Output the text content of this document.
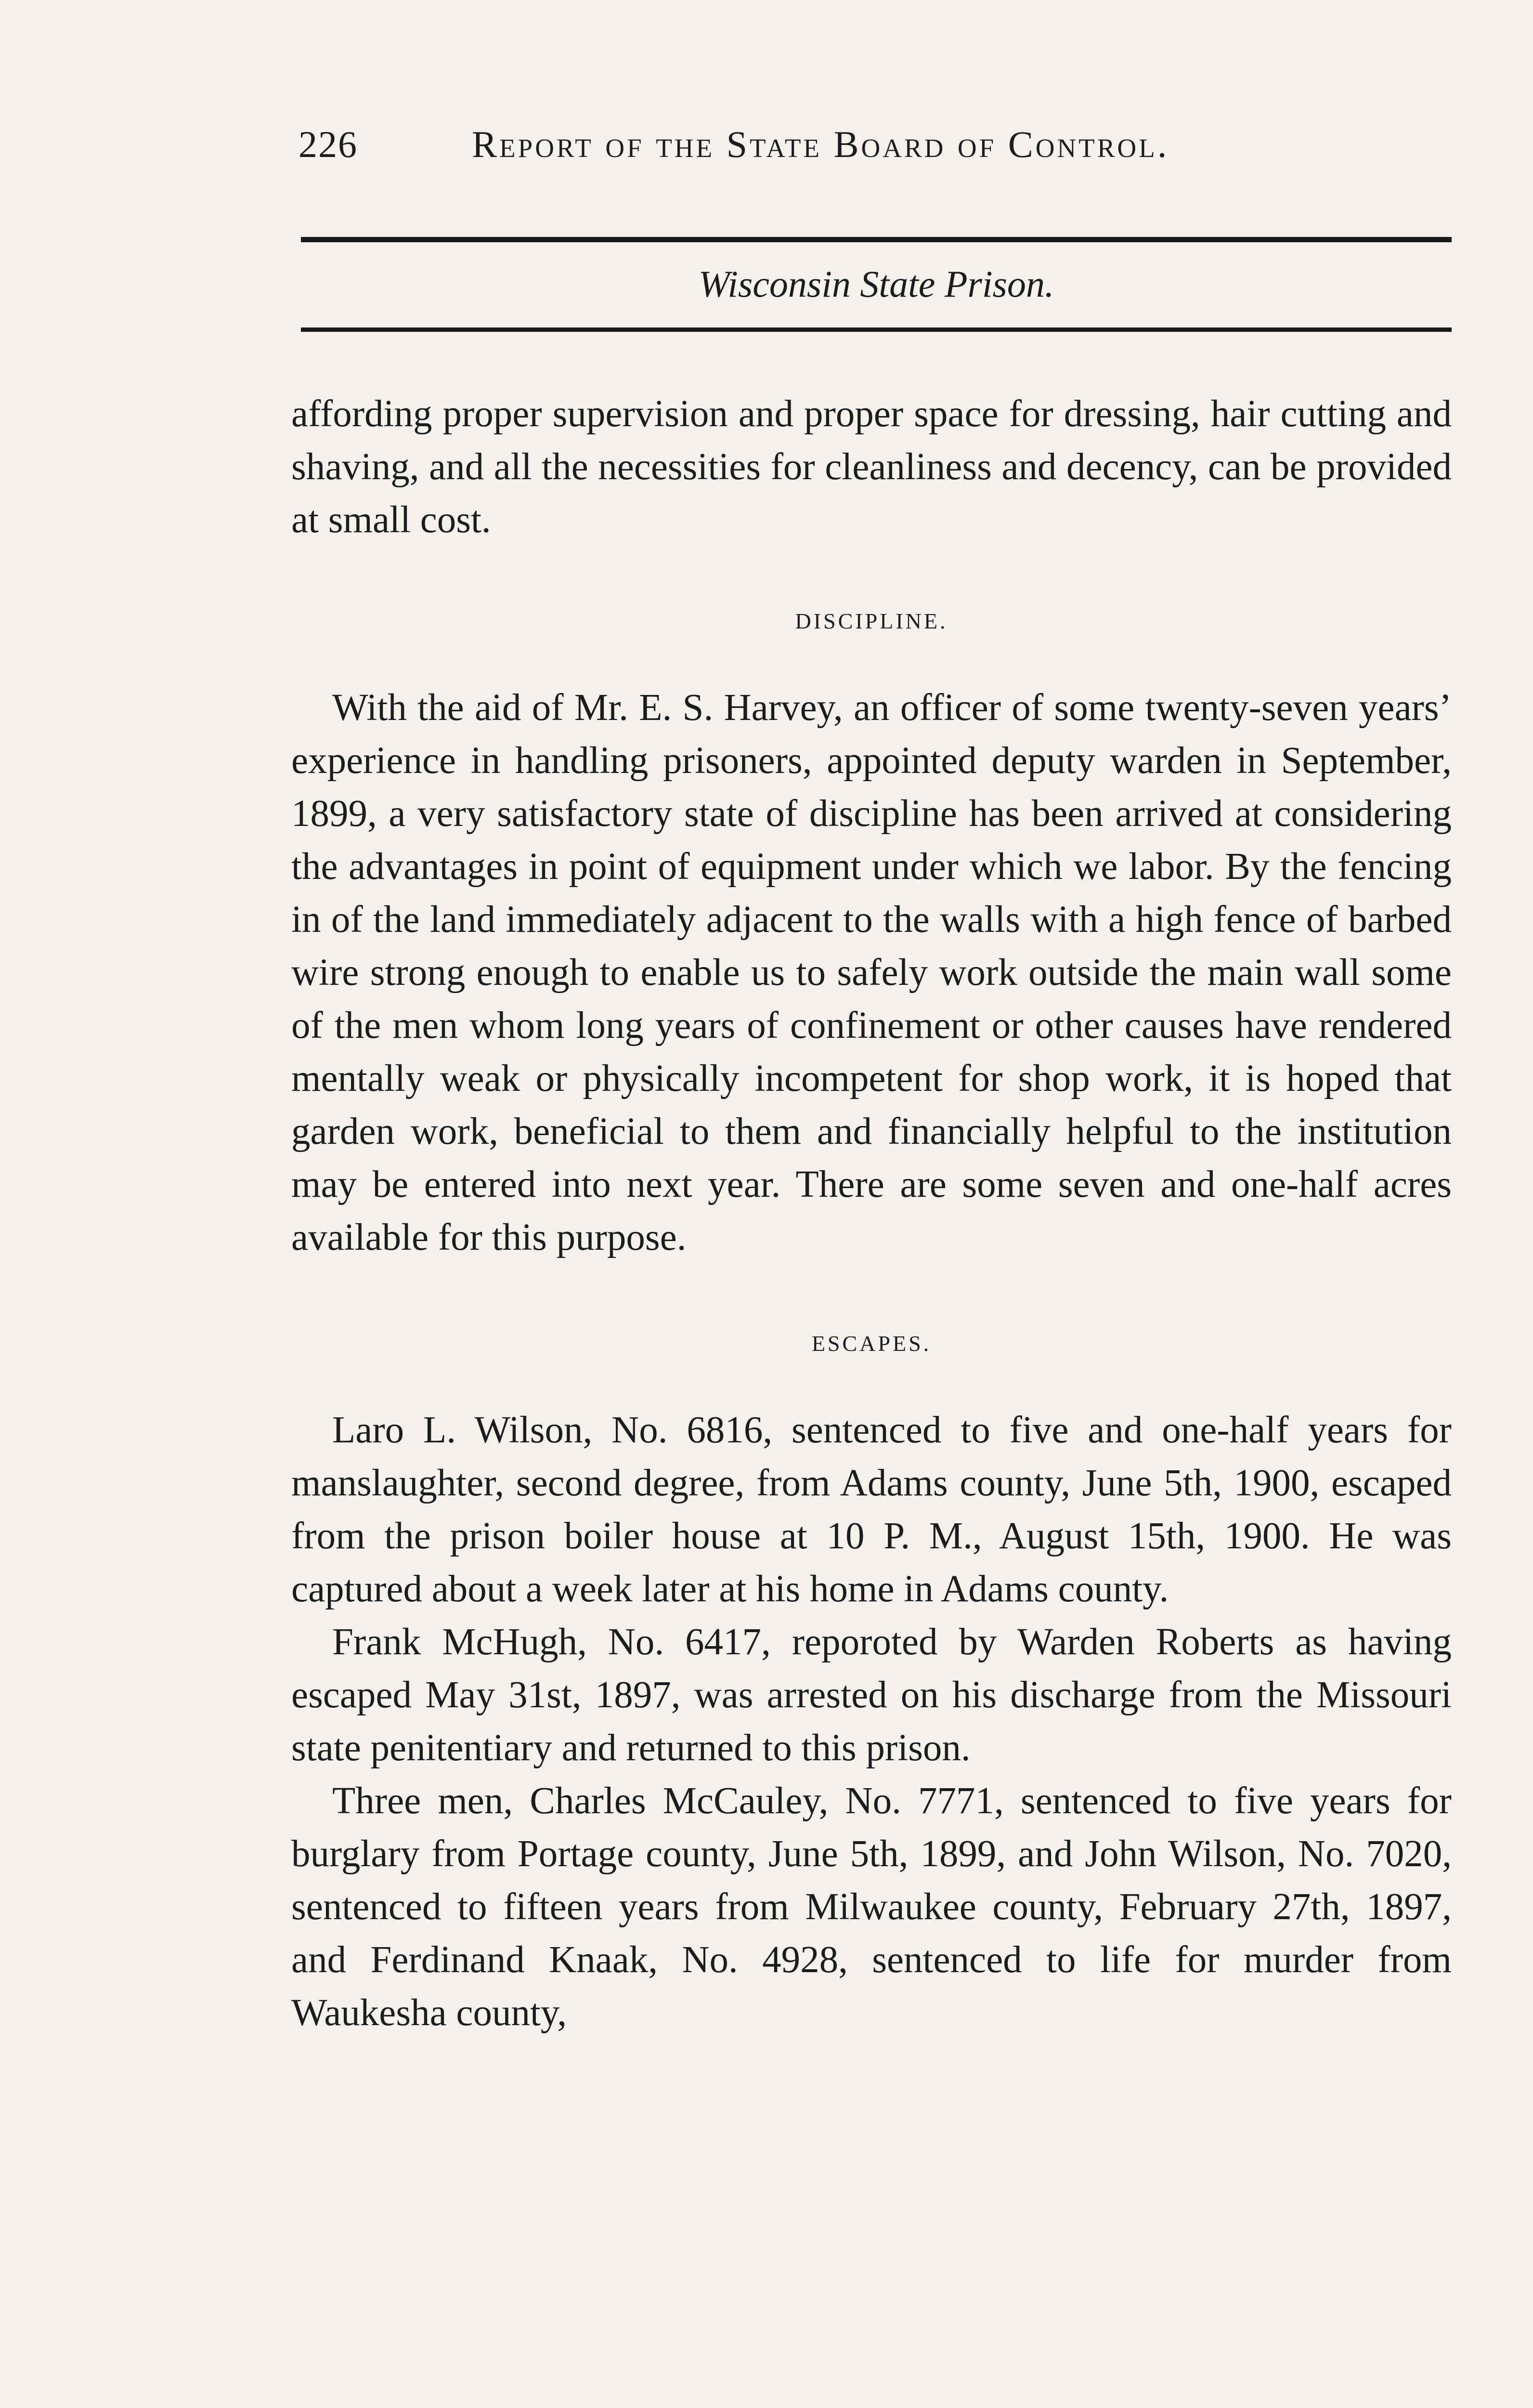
226	Report of the State Board of Control.
Wisconsin State Prison.

affording proper supervision and proper space for dressing, hair cutting and shaving, and all the necessities for cleanliness and decency, can be provided at small cost.

DISCIPLINE.

With the aid of Mr. E. S. Harvey, an officer of some twenty-seven years’ experience in handling prisoners, appointed deputy warden in September, 1899, a very satisfactory state of discipline has been arrived at considering the advantages in point of equipment under which we labor. By the fencing in of the land immediately adjacent to the walls with a high fence of barbed wire strong enough to enable us to safely work outside the main wall some of the men whom long years of confinement or other causes have rendered mentally weak or physically incompetent for shop work, it is hoped that garden work, beneficial to them and financially helpful to the institution may be entered into next year. There are some seven and one-half acres available for this purpose.

ESCAPES.

Laro L. Wilson, No. 6816, sentenced to five and one-half years for manslaughter, second degree, from Adams county, June 5th, 1900, escaped from the prison boiler house at 10 P. M., August 15th, 1900. He was captured about a week later at his home in Adams county.

Frank McHugh, No. 6417, reporoted by Warden Roberts as having escaped May 31st, 1897, was arrested on his discharge from the Missouri state penitentiary and returned to this prison.

Three men, Charles McCauley, No. 7771, sentenced to five years for burglary from Portage county, June 5th, 1899, and John Wilson, No. 7020, sentenced to fifteen years from Milwaukee county, February 27th, 1897, and Ferdinand Knaak, No. 4928, sentenced to life for murder from Waukesha county,
